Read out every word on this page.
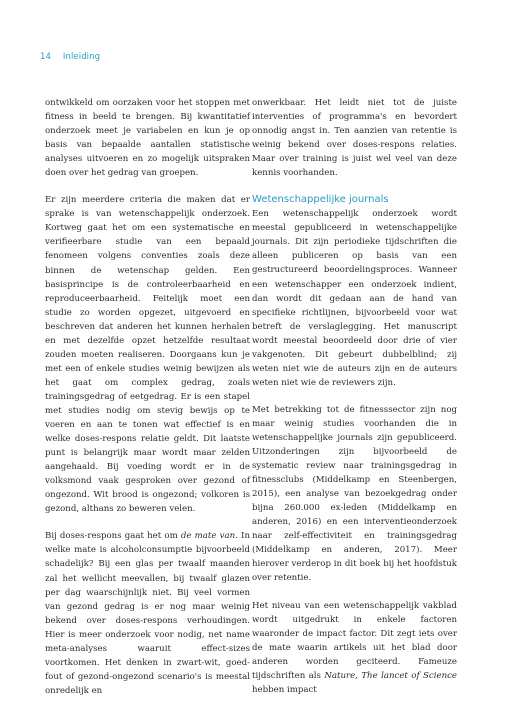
14 Inleiding

ontwikkeld om oorzaken voor het stoppen met fitness in beeld te brengen. Bij kwantitatief onderzoek meet je variabelen en kun je op basis van bepaalde aantallen statistische analyses uitvoeren en zo mogelijk uitspraken doen over het gedrag van groepen.

Er zijn meerdere criteria die maken dat er sprake is van wetenschappelijk onderzoek. Kortweg gaat het om een systematische en verifieerbare studie van een bepaald fenomeen volgens conventies zoals deze binnen de wetenschap gelden. Een basisprincipe is de controleerbaarheid en reproduceerbaarheid. Feitelijk moet een studie zo worden opgezet, uitgevoerd en beschreven dat anderen het kunnen herhalen en met dezelfde opzet hetzelfde resultaat zouden moeten realiseren. Doorgaans kun je met een of enkele studies weinig bewijzen als het gaat om complex gedrag, zoals trainingsgedrag of eetgedrag. Er is een stapel met studies nodig om stevig bewijs op te voeren en aan te tonen wat effectief is en welke doses-respons relatie geldt. Dit laatste punt is belangrijk maar wordt maar zelden aangehaald. Bij voeding wordt er in de volksmond vaak gesproken over gezond of ongezond. Wit brood is ongezond; volkoren is gezond, althans zo beweren velen.

Bij doses-respons gaat het om de mate van. In welke mate is alcoholconsumptie bijvoorbeeld schadelijk? Bij een glas per twaalf maanden zal het wellicht meevallen, bij twaalf glazen per dag waarschijnlijk niet. Bij veel vormen van gezond gedrag is er nog maar weinig bekend over doses-respons verhoudingen. Hier is meer onderzoek voor nodig, net name meta-analyses waaruit effect-sizes voortkomen. Het denken in zwart-wit, goed-fout of gezond-ongezond scenario's is meestal onredelijk en

onwerkbaar. Het leidt niet tot de juiste interventies of programma's en bevordert onnodig angst in. Ten aanzien van retentie is weinig bekend over doses-respons relaties. Maar over training is juist wel veel van deze kennis voorhanden.

Wetenschappelijke journals

Een wetenschappelijk onderzoek wordt meestal gepubliceerd in wetenschappelijke journals. Dit zijn periodieke tijdschriften die alleen publiceren op basis van een gestructureerd beoordelingsproces. Wanneer een wetenschapper een onderzoek indient, dan wordt dit gedaan aan de hand van specifieke richtlijnen, bijvoorbeeld voor wat betreft de verslaglegging. Het manuscript wordt meestal beoordeeld door drie of vier vakgenoten. Dit gebeurt dubbelblind; zij weten niet wie de auteurs zijn en de auteurs weten niet wie de reviewers zijn.

Met betrekking tot de fitnesssector zijn nog maar weinig studies voorhanden die in wetenschappelijke journals zijn gepubliceerd. Uitzonderingen zijn bijvoorbeeld de systematic review naar trainingsgedrag in fitnessclubs (Middelkamp en Steenbergen, 2015), een analyse van bezoekgedrag onder bijna 260.000 ex-leden (Middelkamp en anderen, 2016) en een interventieonderzoek naar zelf-effectiviteit en trainingsgedrag (Middelkamp en anderen, 2017). Meer hierover verderop in dit boek bij het hoofdstuk over retentie.

Het niveau van een wetenschappelijk vakblad wordt uitgedrukt in enkele factoren waaronder de impact factor. Dit zegt iets over de mate waarin artikels uit het blad door anderen worden geciteerd. Fameuze tijdschriften als Nature, The lancet of Science hebben impact
